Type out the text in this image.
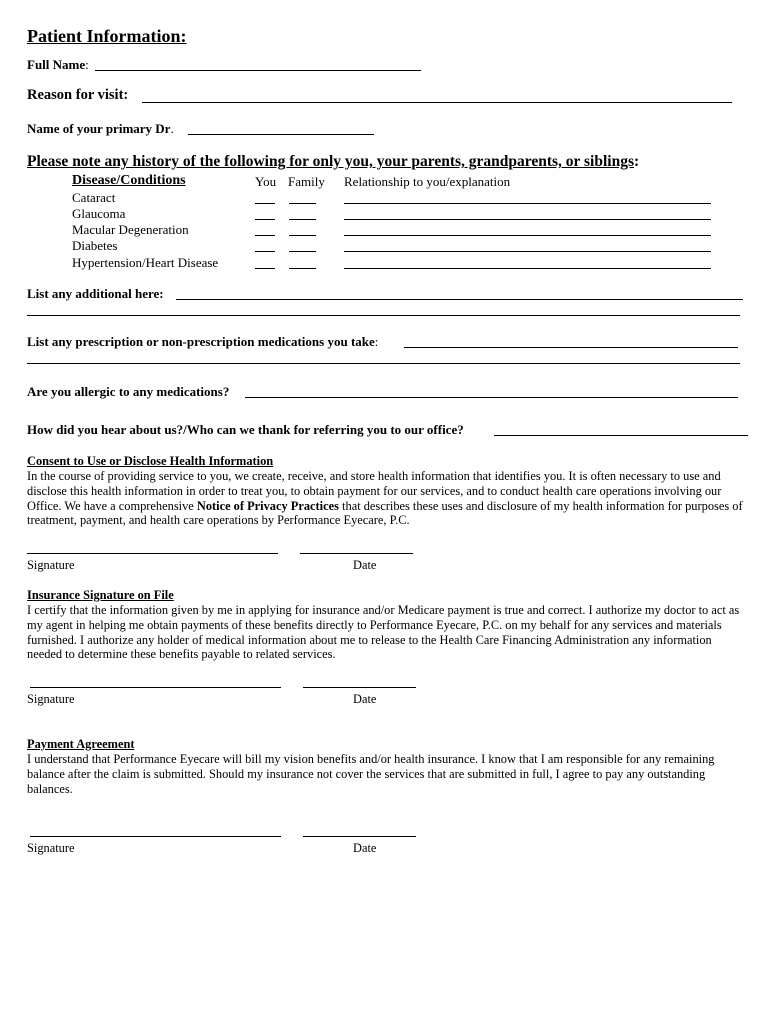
Patient Information:
Full Name:
Reason for visit:
Name of your primary Dr.
Please note any history of the following for only you, your parents, grandparents, or siblings:
Disease/Conditions	You Family Relationship to you/explanation
Cataract
Glaucoma
Macular Degeneration
Diabetes
Hypertension/Heart Disease
List any additional here:
List any prescription or non-prescription medications you take:
Are you allergic to any medications?
How did you hear about us?/Who can we thank for referring you to our office?
Consent to Use or Disclose Health Information

In the course of providing service to you, we create, receive, and store health information that identifies you. It is often necessary to use and disclose this health information in order to treat you, to obtain payment for our services, and to conduct health care operations involving our Office. We have a comprehensive Notice of Privacy Practices that describes these uses and disclosure of my health information for purposes of treatment, payment, and health care operations by Performance Eyecare, P.C.

Signature	Date
Insurance Signature on File
I certify that the information given by me in applying for insurance and/or Medicare payment is true and correct. I authorize my doctor to act as my agent in helping me obtain payments of these benefits directly to Performance Eyecare, P.C. on my behalf for any services and materials furnished. I authorize any holder of medical information about me to release to the Health Care Financing Administration any information needed to determine these benefits payable to related services.
Signature	Date
Payment Agreement
I understand that Performance Eyecare will bill my vision benefits and/or health insurance. I know that I am responsible for any remaining balance after the claim is submitted. Should my insurance not cover the services that are submitted in full, I agree to pay any outstanding balances.
Signature	Date
